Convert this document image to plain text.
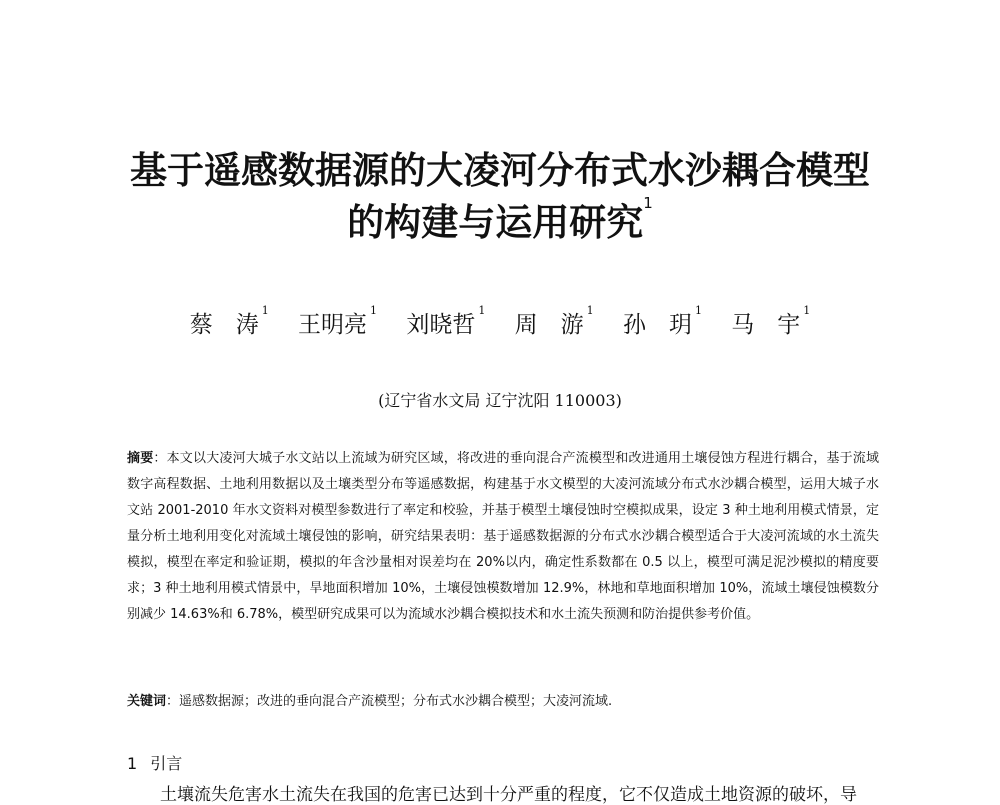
基于遥感数据源的大凌河分布式水沙耦合模型
的构建与运用研究$^1$
蔡　涛$^1$ 王明亮$^1$ 刘晓哲$^1$ 周　游$^1$ 孙　玥$^1$ 马　宇$^1$
(辽宁省水文局 辽宁沈阳 110003)
摘要：本文以大凌河大城子水文站以上流域为研究区域，将改进的垂向混合产流模型和改进通用土壤侵蚀方程进行耦合，基于流域数字高程数据、土地利用数据以及土壤类型分布等遥感数据，构建基于水文模型的大凌河流域分布式水沙耦合模型，运用大城子水文站 2001-2010 年水文资料对模型参数进行了率定和校验，并基于模型土壤侵蚀时空模拟成果，设定 3 种土地利用模式情景，定量分析土地利用变化对流域土壤侵蚀的影响，研究结果表明：基于遥感数据源的分布式水沙耦合模型适合于大凌河流域的水土流失模拟，模型在率定和验证期，模拟的年含沙量相对误差均在 20%以内，确定性系数都在 0.5 以上，模型可满足泥沙模拟的精度要求；3 种土地利用模式情景中，旱地面积增加 10%，土壤侵蚀模数增加 12.9%，林地和草地面积增加 10%，流域土壤侵蚀模数分别减少 14.63%和 6.78%，模型研究成果可以为流域水沙耦合模拟技术和水土流失预测和防治提供参考价值。
关键词：遥感数据源；改进的垂向混合产流模型；分布式水沙耦合模型；大凌河流域.
1 引言
土壤流失危害水土流失在我国的危害已达到十分严重的程度，它不仅造成土地资源的破坏，导
